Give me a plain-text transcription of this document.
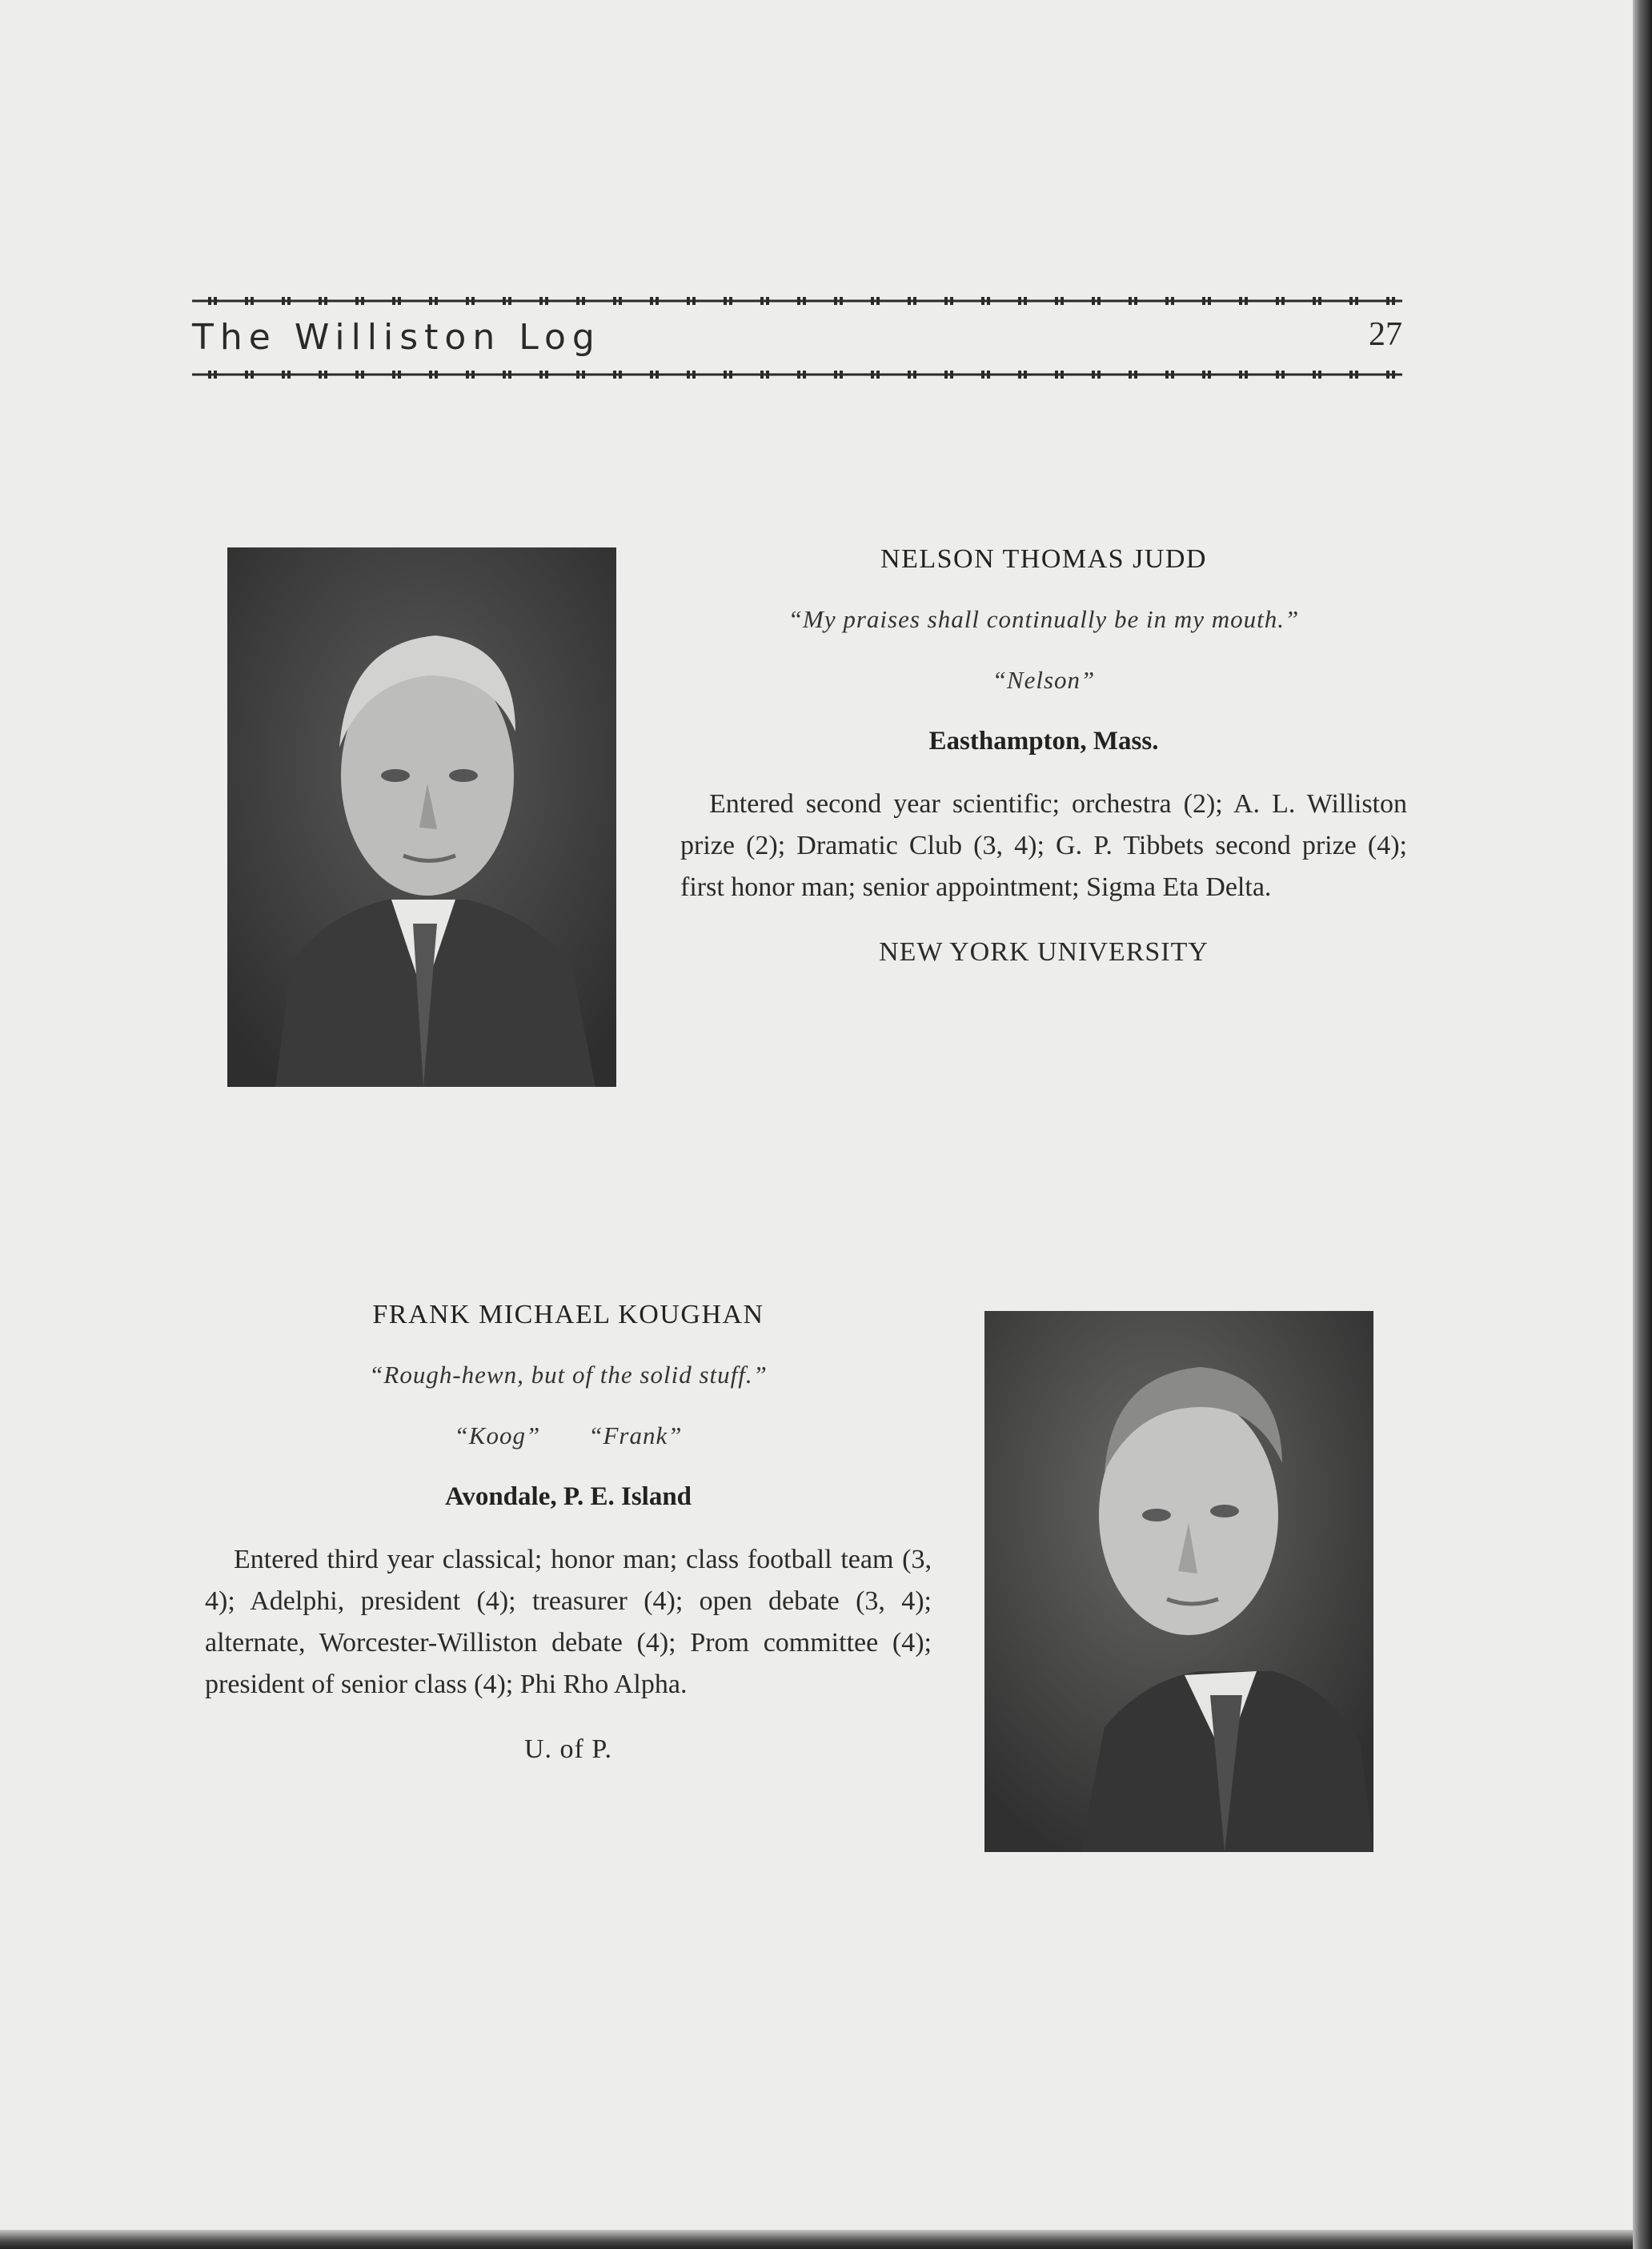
The Williston Log	27
NELSON THOMAS JUDD
“My praises shall continually be in my mouth.”
“Nelson”
Easthampton, Mass.
Entered second year scientific; orchestra (2); A. L. Williston prize (2); Dramatic Club (3, 4); G. P. Tibbets second prize (4); first honor man; senior appointment; Sigma Eta Delta.
NEW YORK UNIVERSITY
FRANK MICHAEL KOUGHAN
“Rough-hewn, but of the solid stuff.”
“Koog” “Frank”
Avondale, P. E. Island
Entered third year classical; honor man; class football team (3, 4); Adelphi, president (4); treasurer (4); open debate (3, 4); alternate, Worcester-Williston debate (4); Prom committee (4); president of senior class (4); Phi Rho Alpha.
U. of P.
